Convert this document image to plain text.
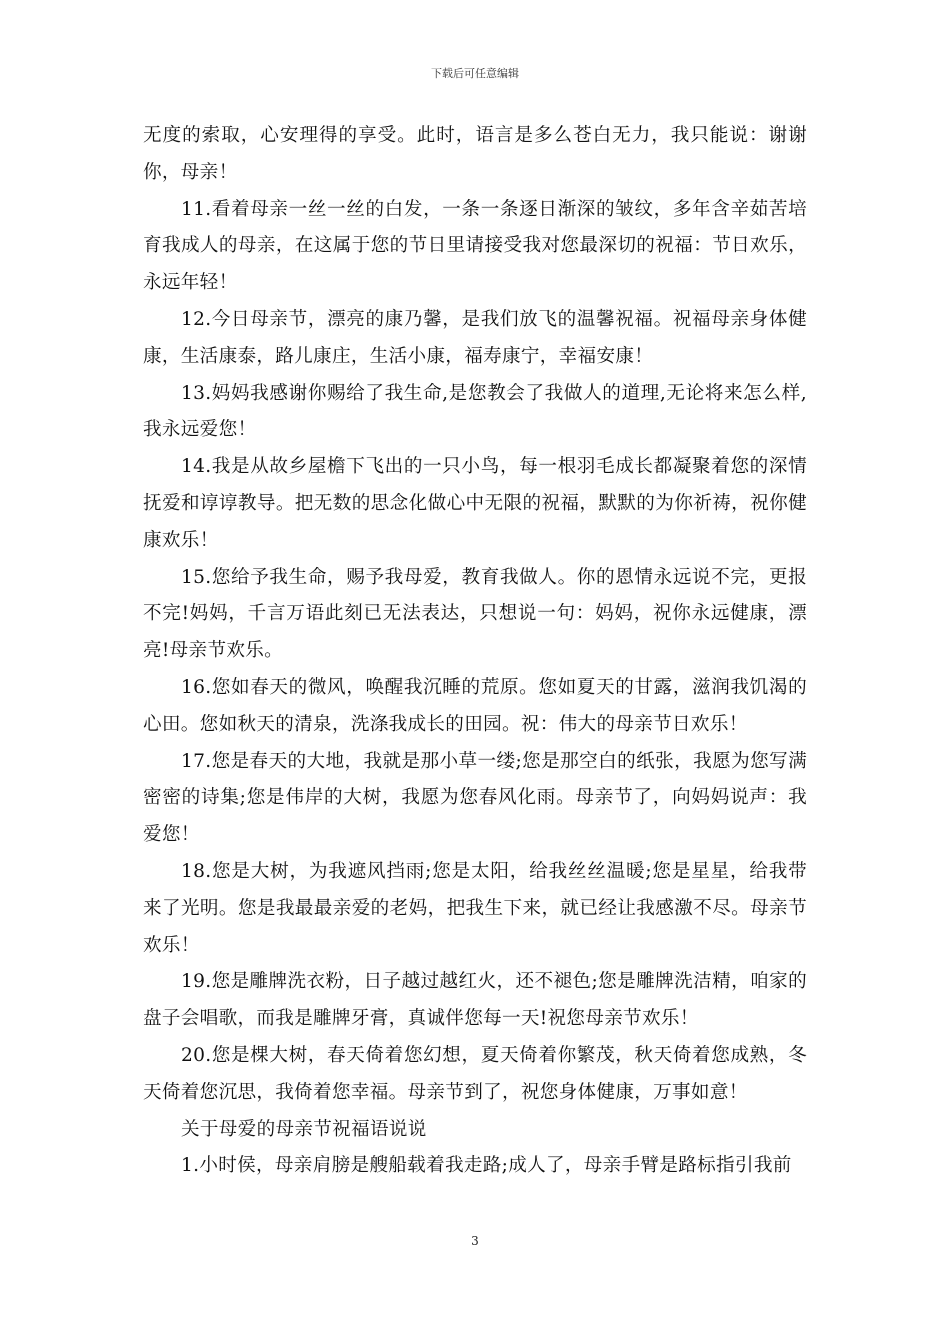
下载后可任意编辑

无度的索取，心安理得的享受。此时，语言是多么苍白无力，我只能说：谢谢你，母亲！

11.看着母亲一丝一丝的白发，一条一条逐日渐深的皱纹，多年含辛茹苦培育我成人的母亲，在这属于您的节日里请接受我对您最深切的祝福：节日欢乐，永远年轻！

12.今日母亲节，漂亮的康乃馨，是我们放飞的温馨祝福。祝福母亲身体健康，生活康泰，路儿康庄，生活小康，福寿康宁，幸福安康！

13.妈妈我感谢你赐给了我生命,是您教会了我做人的道理,无论将来怎么样,我永远爱您！

14.我是从故乡屋檐下飞出的一只小鸟，每一根羽毛成长都凝聚着您的深情抚爱和谆谆教导。把无数的思念化做心中无限的祝福，默默的为你祈祷，祝你健康欢乐！

15.您给予我生命，赐予我母爱，教育我做人。你的恩情永远说不完，更报不完!妈妈，千言万语此刻已无法表达，只想说一句：妈妈，祝你永远健康，漂亮!母亲节欢乐。

16.您如春天的微风，唤醒我沉睡的荒原。您如夏天的甘露，滋润我饥渴的心田。您如秋天的清泉，洗涤我成长的田园。祝：伟大的母亲节日欢乐！

17.您是春天的大地，我就是那小草一缕;您是那空白的纸张，我愿为您写满密密的诗集;您是伟岸的大树，我愿为您春风化雨。母亲节了，向妈妈说声：我爱您！

18.您是大树，为我遮风挡雨;您是太阳，给我丝丝温暖;您是星星，给我带来了光明。您是我最最亲爱的老妈，把我生下来，就已经让我感激不尽。母亲节欢乐！

19.您是雕牌洗衣粉，日子越过越红火，还不褪色;您是雕牌洗洁精，咱家的盘子会唱歌，而我是雕牌牙膏，真诚伴您每一天!祝您母亲节欢乐！

20.您是棵大树，春天倚着您幻想，夏天倚着你繁茂，秋天倚着您成熟，冬天倚着您沉思，我倚着您幸福。母亲节到了，祝您身体健康，万事如意！

关于母爱的母亲节祝福语说说

1.小时侯，母亲肩膀是艘船载着我走路;成人了，母亲手臂是路标指引我前

3
